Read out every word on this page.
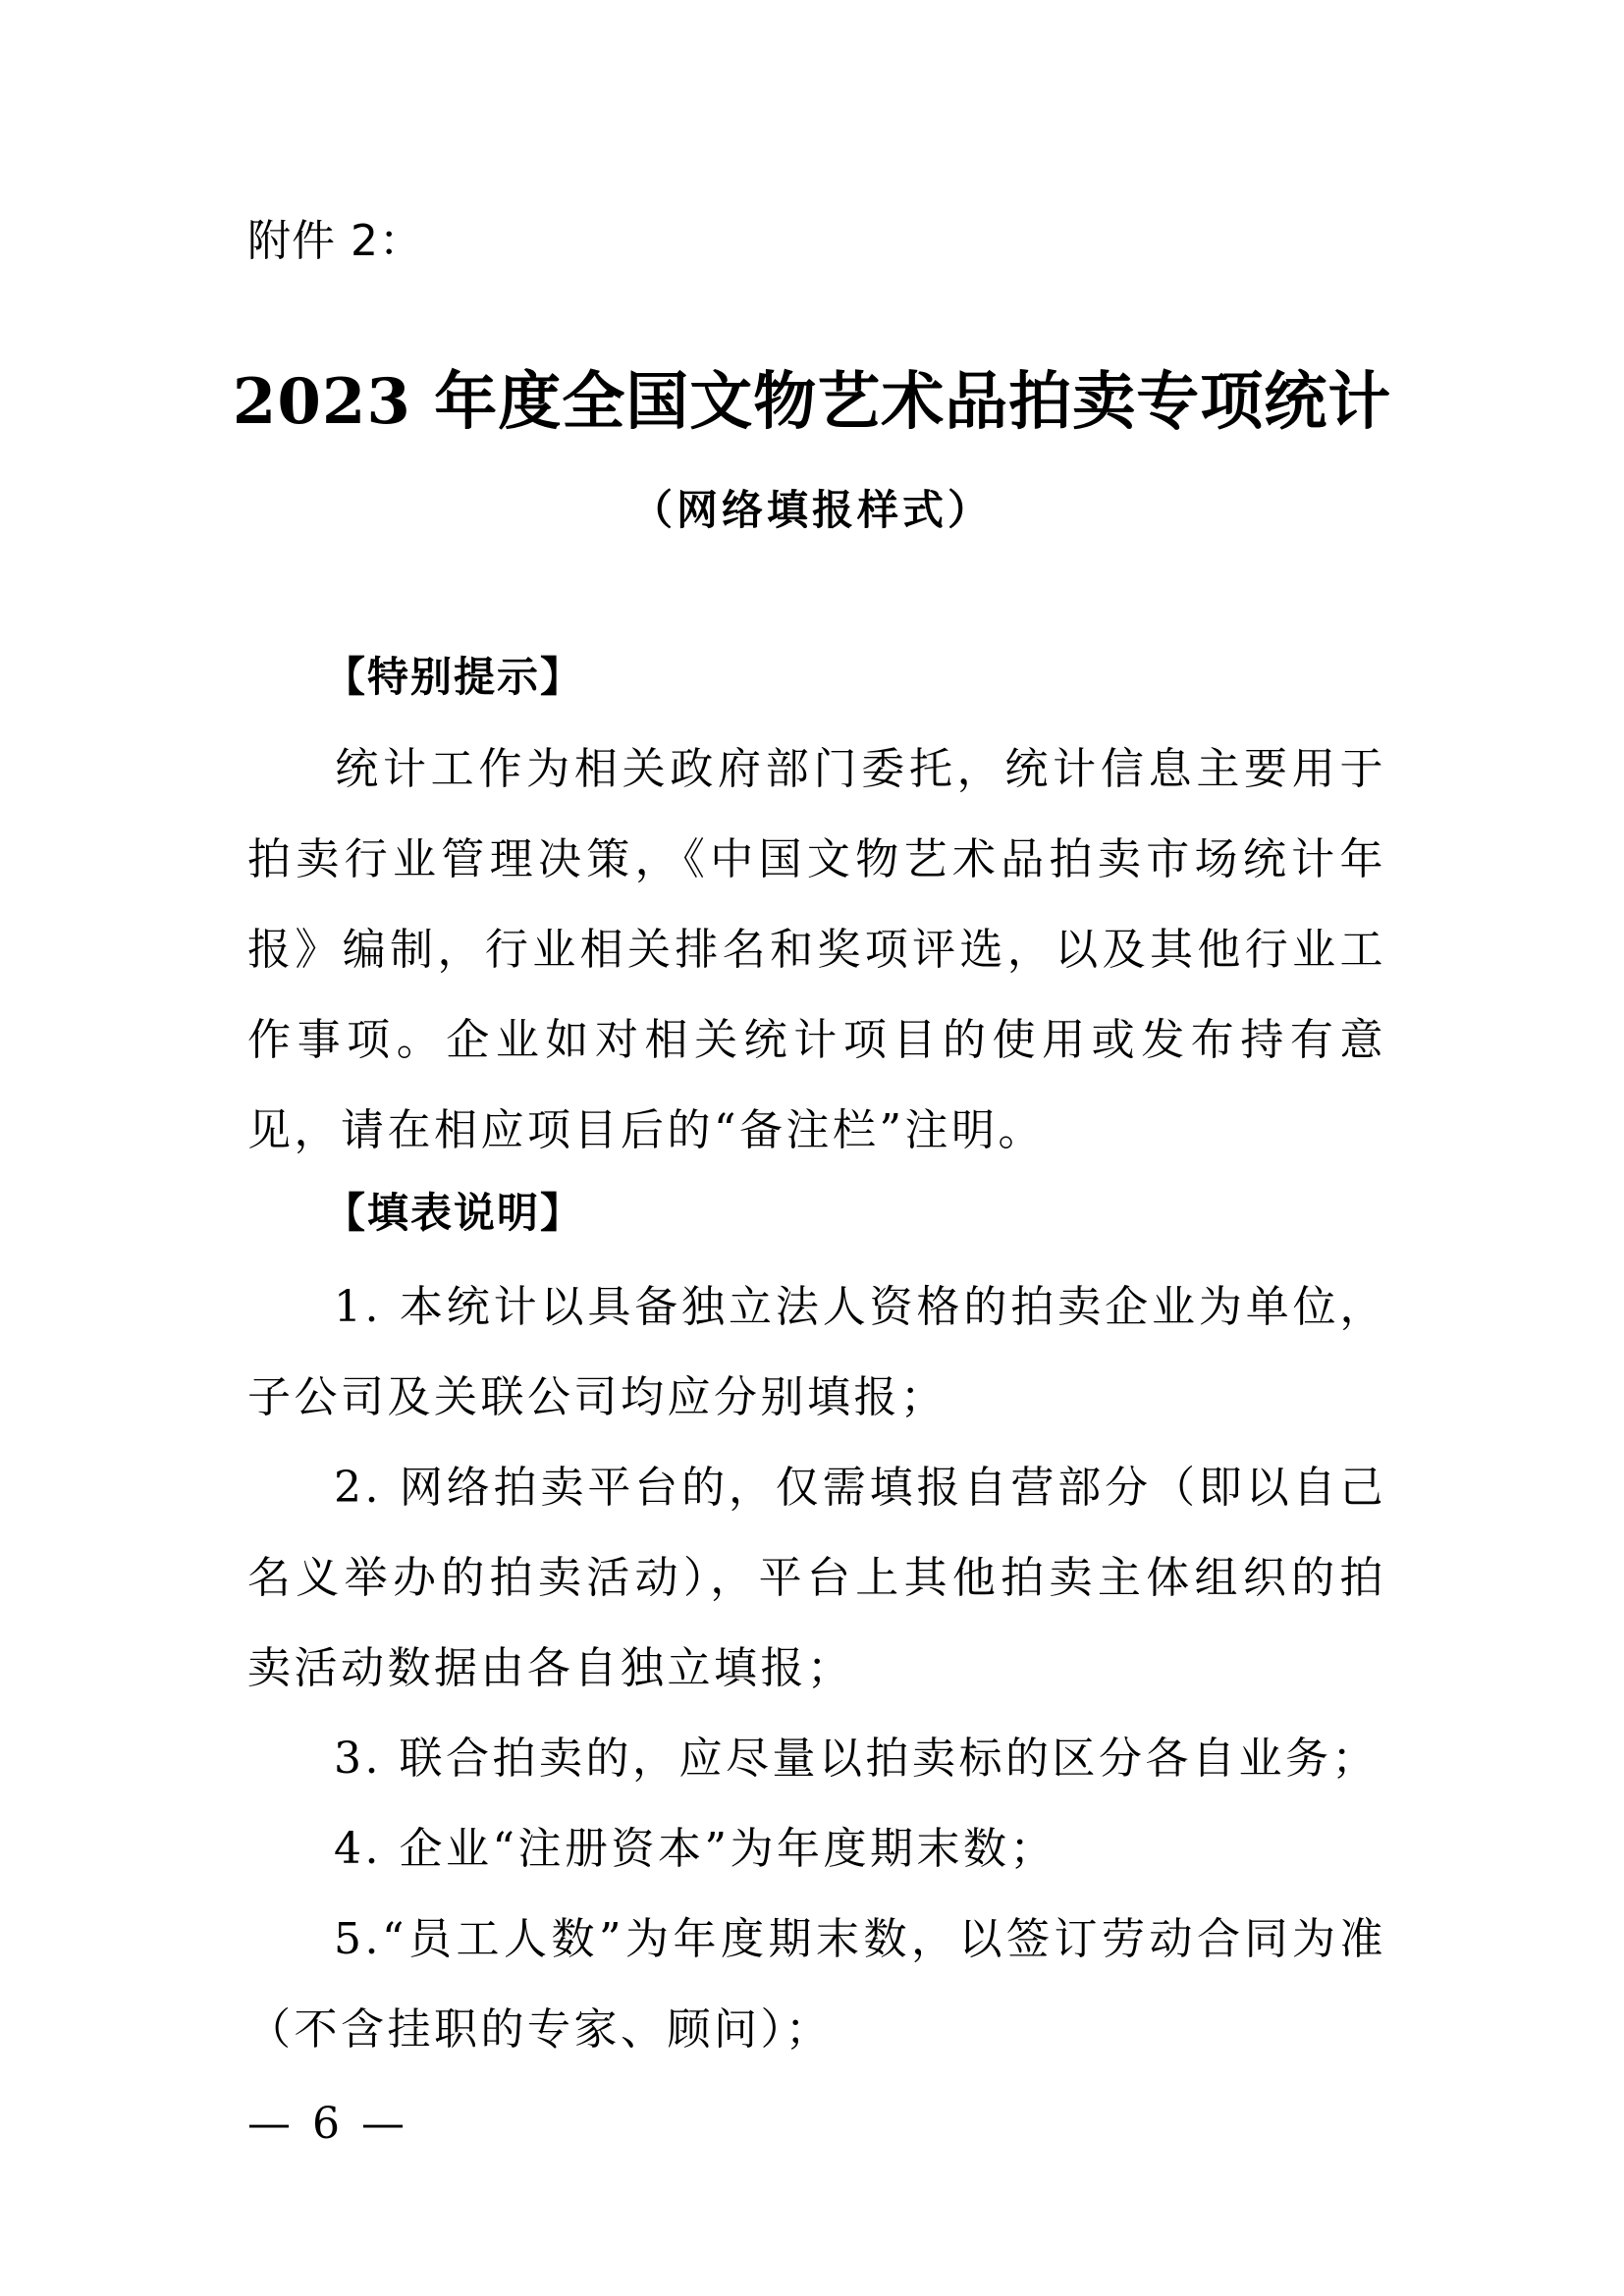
附件 2：
2023 年度全国文物艺术品拍卖专项统计
（网络填报样式）
【特别提示】
统计工作为相关政府部门委托，统计信息主要用于拍卖行业管理决策，《中国文物艺术品拍卖市场统计年报》编制，行业相关排名和奖项评选，以及其他行业工作事项。企业如对相关统计项目的使用或发布持有意见，请在相应项目后的“备注栏”注明。
【填表说明】
1. 本统计以具备独立法人资格的拍卖企业为单位，子公司及关联公司均应分别填报；
2. 网络拍卖平台的，仅需填报自营部分（即以自己名义举办的拍卖活动），平台上其他拍卖主体组织的拍卖活动数据由各自独立填报；
3. 联合拍卖的，应尽量以拍卖标的区分各自业务；
4. 企业“注册资本”为年度期末数；
5.“员工人数”为年度期末数，以签订劳动合同为准（不含挂职的专家、顾问）；
— 6 —
